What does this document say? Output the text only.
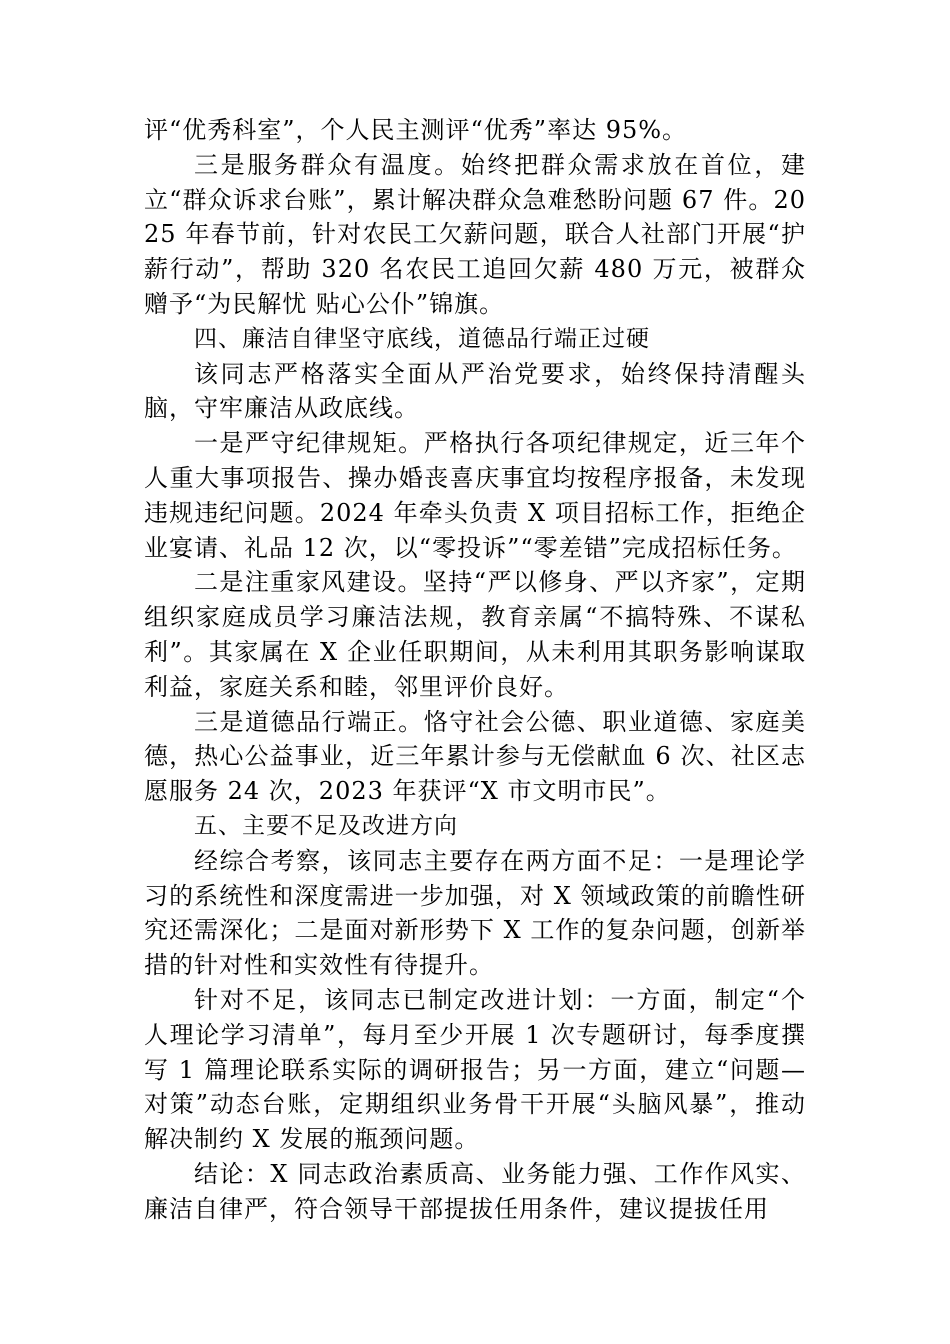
评“优秀科室”，个人民主测评“优秀”率达 95%。

三是服务群众有温度。始终把群众需求放在首位，建立“群众诉求台账”，累计解决群众急难愁盼问题 67 件。2025 年春节前，针对农民工欠薪问题，联合人社部门开展“护薪行动”，帮助 320 名农民工追回欠薪 480 万元，被群众赠予“为民解忧 贴心公仆”锦旗。

四、廉洁自律坚守底线，道德品行端正过硬

该同志严格落实全面从严治党要求，始终保持清醒头脑，守牢廉洁从政底线。

一是严守纪律规矩。严格执行各项纪律规定，近三年个人重大事项报告、操办婚丧喜庆事宜均按程序报备，未发现违规违纪问题。2024 年牵头负责 X 项目招标工作，拒绝企业宴请、礼品 12 次，以“零投诉”“零差错”完成招标任务。

二是注重家风建设。坚持“严以修身、严以齐家”，定期组织家庭成员学习廉洁法规，教育亲属“不搞特殊、不谋私利”。其家属在 X 企业任职期间，从未利用其职务影响谋取利益，家庭关系和睦，邻里评价良好。

三是道德品行端正。恪守社会公德、职业道德、家庭美德，热心公益事业，近三年累计参与无偿献血 6 次、社区志愿服务 24 次，2023 年获评“X 市文明市民”。

五、主要不足及改进方向

经综合考察，该同志主要存在两方面不足：一是理论学习的系统性和深度需进一步加强，对 X 领域政策的前瞻性研究还需深化；二是面对新形势下 X 工作的复杂问题，创新举措的针对性和实效性有待提升。

针对不足，该同志已制定改进计划：一方面，制定“个人理论学习清单”，每月至少开展 1 次专题研讨，每季度撰写 1 篇理论联系实际的调研报告；另一方面，建立“问题—对策”动态台账，定期组织业务骨干开展“头脑风暴”，推动解决制约 X 发展的瓶颈问题。

结论：X 同志政治素质高、业务能力强、工作作风实、廉洁自律严，符合领导干部提拔任用条件，建议提拔任用
